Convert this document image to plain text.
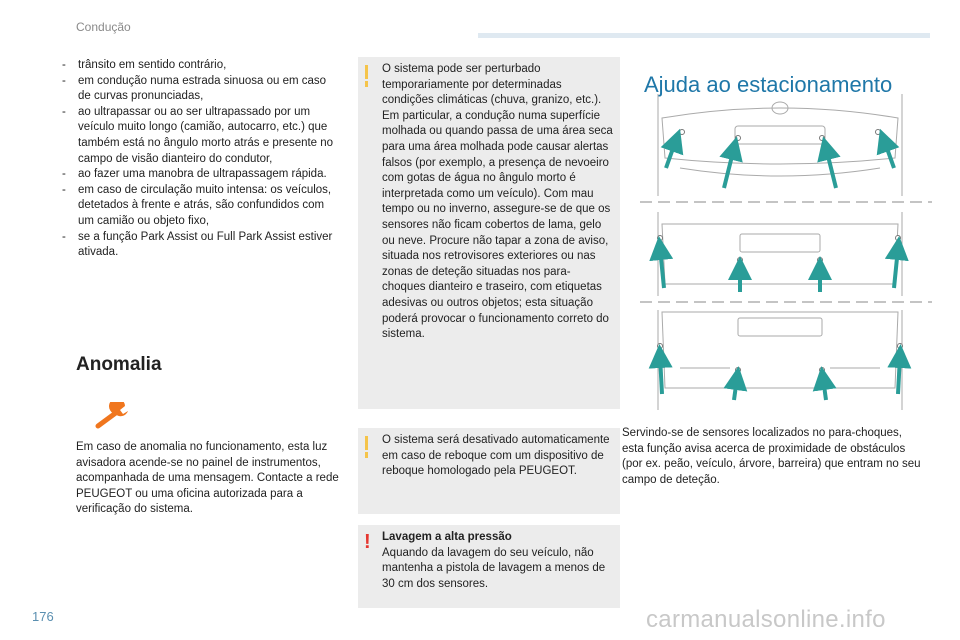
Condução
- trânsito em sentido contrário,
- em condução numa estrada sinuosa ou em caso de curvas pronunciadas,
- ao ultrapassar ou ao ser ultrapassado por um veículo muito longo (camião, autocarro, etc.) que também está no ângulo morto atrás e presente no campo de visão dianteiro do condutor,
- ao fazer uma manobra de ultrapassagem rápida.
- em caso de circulação muito intensa: os veículos, detetados à frente e atrás, são confundidos com um camião ou objeto fixo,
- se a função Park Assist ou Full Park Assist estiver ativada.
Anomalia

Em caso de anomalia no funcionamento, esta luz avisadora acende-se no painel de instrumentos, acompanhada de uma mensagem. Contacte a rede PEUGEOT ou uma oficina autorizada para a verificação do sistema.

O sistema pode ser perturbado temporariamente por determinadas condições climáticas (chuva, granizo, etc.). Em particular, a condução numa superfície molhada ou quando passa de uma área seca para uma área molhada pode causar alertas falsos (por exemplo, a presença de nevoeiro com gotas de água no ângulo morto é interpretada como um veículo). Com mau tempo ou no inverno, assegure-se de que os sensores não ficam cobertos de lama, gelo ou neve. Procure não tapar a zona de aviso, situada nos retrovisores exteriores ou nas zonas de deteção situadas nos para-choques dianteiro e traseiro, com etiquetas adesivas ou outros objetos; esta situação poderá provocar o funcionamento correto do sistema.
O sistema será desativado automaticamente em caso de reboque com um dispositivo de reboque homologado pela PEUGEOT.
! Lavagem a alta pressão
Aquando da lavagem do seu veículo, não mantenha a pistola de lavagem a menos de 30 cm dos sensores.
Ajuda ao estacionamento

Servindo-se de sensores localizados no para-choques, esta função avisa acerca de proximidade de obstáculos (por ex. peão, veículo, árvore, barreira) que entram no seu campo de deteção.

176	carmanualsonline.info
